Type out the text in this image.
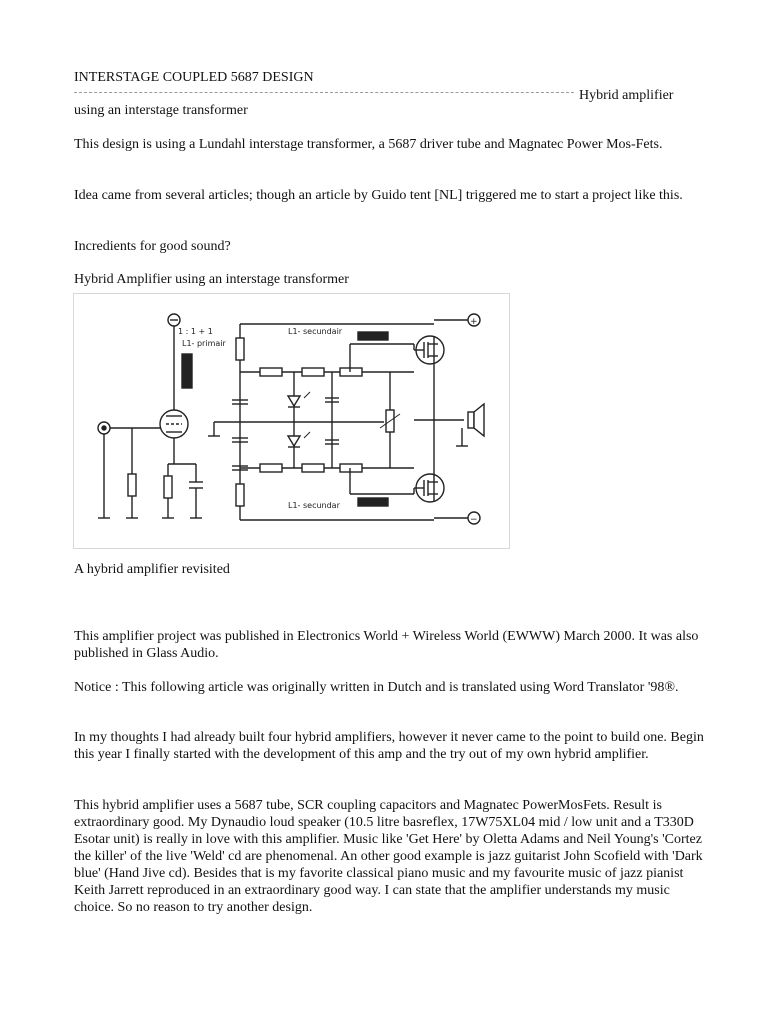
INTERSTAGE COUPLED 5687 DESIGN
Hybrid amplifier

using an interstage transformer

This design is using a Lundahl interstage transformer, a 5687 driver tube and Magnatec Power Mos-Fets.

Idea came from several articles; though an article by Guido tent [NL] triggered me to start a project like this.

Incredients for good sound?

Hybrid Amplifier using an interstage transformer

1 : 1 + 1
L1- primair
L1- secundair
L1- secundar
+
−

A hybrid amplifier revisited

This amplifier project was published in Electronics World + Wireless World (EWWW) March 2000. It was also published in Glass Audio.

Notice : This following article was originally written in Dutch and is translated using Word Translator '98®.

In my thoughts I had already built four hybrid amplifiers, however it never came to the point to build one. Begin this year I finally started with the development of this amp and the try out of my own hybrid amplifier.

This hybrid amplifier uses a 5687 tube, SCR coupling capacitors and Magnatec PowerMosFets. Result is extraordinary good. My Dynaudio loud speaker (10.5 litre basreflex, 17W75XL04 mid / low unit and a T330D Esotar unit) is really in love with this amplifier. Music like 'Get Here' by Oletta Adams and Neil Young's 'Cortez the killer' of the live 'Weld' cd are phenomenal. An other good example is jazz guitarist John Scofield with 'Dark blue' (Hand Jive cd). Besides that is my favorite classical piano music and my favourite music of jazz pianist Keith Jarrett reproduced in an extraordinary good way. I can state that the amplifier understands my music choice. So no reason to try another design.
